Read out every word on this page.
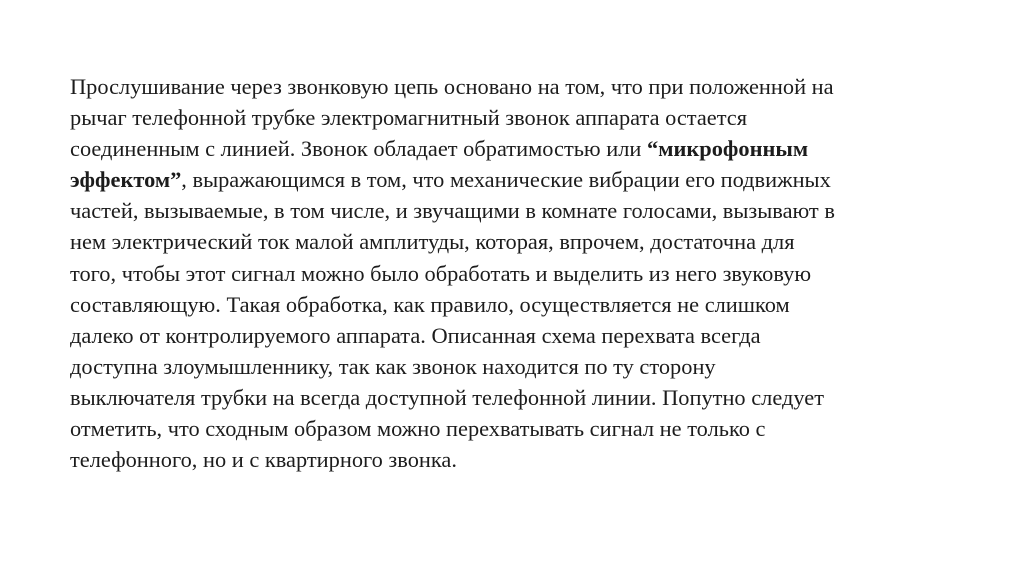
Прослушивание через звонковую цепь основано на том, что при положенной на
рычаг телефонной трубке электромагнитный звонок аппарата остается
соединенным с линией. Звонок обладает обратимостью или “микрофонным
эффектом”, выражающимся в том, что механические вибрации его подвижных
частей, вызываемые, в том числе, и звучащими в комнате голосами, вызывают в
нем электрический ток малой амплитуды, которая, впрочем, достаточна для
того, чтобы этот сигнал можно было обработать и выделить из него звуковую
составляющую. Такая обработка, как правило, осуществляется не слишком
далеко от контролируемого аппарата. Описанная схема перехвата всегда
доступна злоумышленнику, так как звонок находится по ту сторону
выключателя трубки на всегда доступной телефонной линии. Попутно следует
отметить, что сходным образом можно перехватывать сигнал не только с
телефонного, но и с квартирного звонка.
